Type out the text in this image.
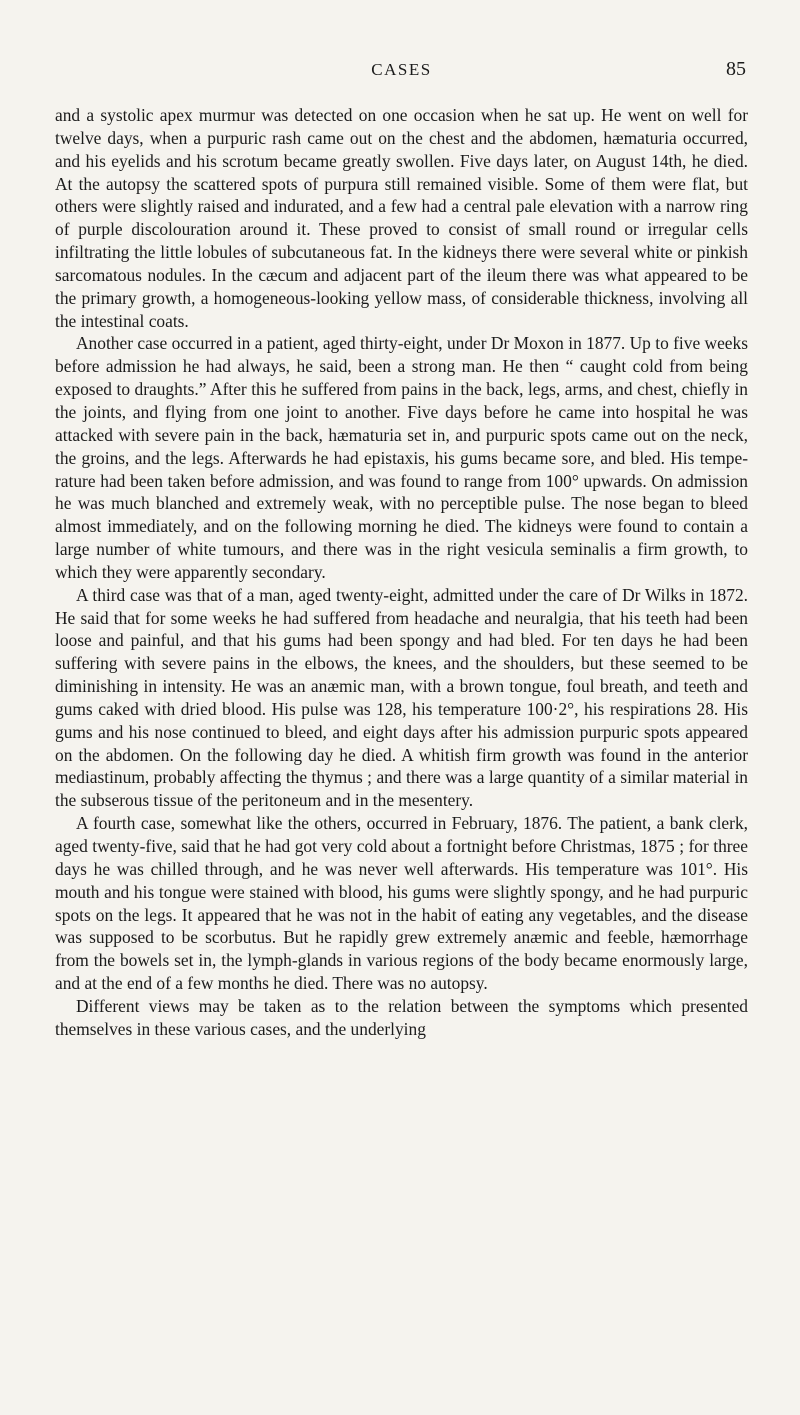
CASES	85

and a systolic apex murmur was detected on one occasion when he sat up. He went on well for twelve days, when a purpuric rash came out on the chest and the abdomen, hæmaturia occurred, and his eyelids and his scrotum became greatly swollen. Five days later, on August 14th, he died. At the autopsy the scattered spots of purpura still remained visible. Some of them were flat, but others were slightly raised and indurated, and a few had a central pale elevation with a narrow ring of purple discolouration around it. These proved to consist of small round or irregular cells infiltrating the little lobules of subcutaneous fat. In the kidneys there were several white or pinkish sarcomatous nodules. In the cæcum and adjacent part of the ileum there was what appeared to be the primary growth, a homogeneous-looking yellow mass, of considerable thickness, involving all the intestinal coats.

Another case occurred in a patient, aged thirty-eight, under Dr Moxon in 1877. Up to five weeks before admission he had always, he said, been a strong man. He then “ caught cold from being exposed to draughts.” After this he suffered from pains in the back, legs, arms, and chest, chiefly in the joints, and flying from one joint to another. Five days before he came into hospital he was attacked with severe pain in the back, hæmaturia set in, and purpuric spots came out on the neck, the groins, and the legs. Afterwards he had epistaxis, his gums became sore, and bled. His temperature had been taken before admission, and was found to range from 100° upwards. On admission he was much blanched and extremely weak, with no perceptible pulse. The nose began to bleed almost immediately, and on the following morning he died. The kidneys were found to contain a large number of white tumours, and there was in the right vesicula seminalis a firm growth, to which they were apparently secondary.

A third case was that of a man, aged twenty-eight, admitted under the care of Dr Wilks in 1872. He said that for some weeks he had suffered from headache and neuralgia, that his teeth had been loose and painful, and that his gums had been spongy and had bled. For ten days he had been suffering with severe pains in the elbows, the knees, and the shoulders, but these seemed to be diminishing in intensity. He was an anæmic man, with a brown tongue, foul breath, and teeth and gums caked with dried blood. His pulse was 128, his temperature 100·2°, his respirations 28. His gums and his nose continued to bleed, and eight days after his admission purpuric spots appeared on the abdomen. On the following day he died. A whitish firm growth was found in the anterior mediastinum, probably affecting the thymus ; and there was a large quantity of a similar material in the subserous tissue of the peritoneum and in the mesentery.

A fourth case, somewhat like the others, occurred in February, 1876. The patient, a bank clerk, aged twenty-five, said that he had got very cold about a fortnight before Christmas, 1875 ; for three days he was chilled through, and he was never well afterwards. His temperature was 101°. His mouth and his tongue were stained with blood, his gums were slightly spongy, and he had purpuric spots on the legs. It appeared that he was not in the habit of eating any vegetables, and the disease was supposed to be scorbutus. But he rapidly grew extremely anæmic and feeble, hæmorrhage from the bowels set in, the lymph-glands in various regions of the body became enormously large, and at the end of a few months he died. There was no autopsy.

Different views may be taken as to the relation between the symptoms which presented themselves in these various cases, and the underlying
